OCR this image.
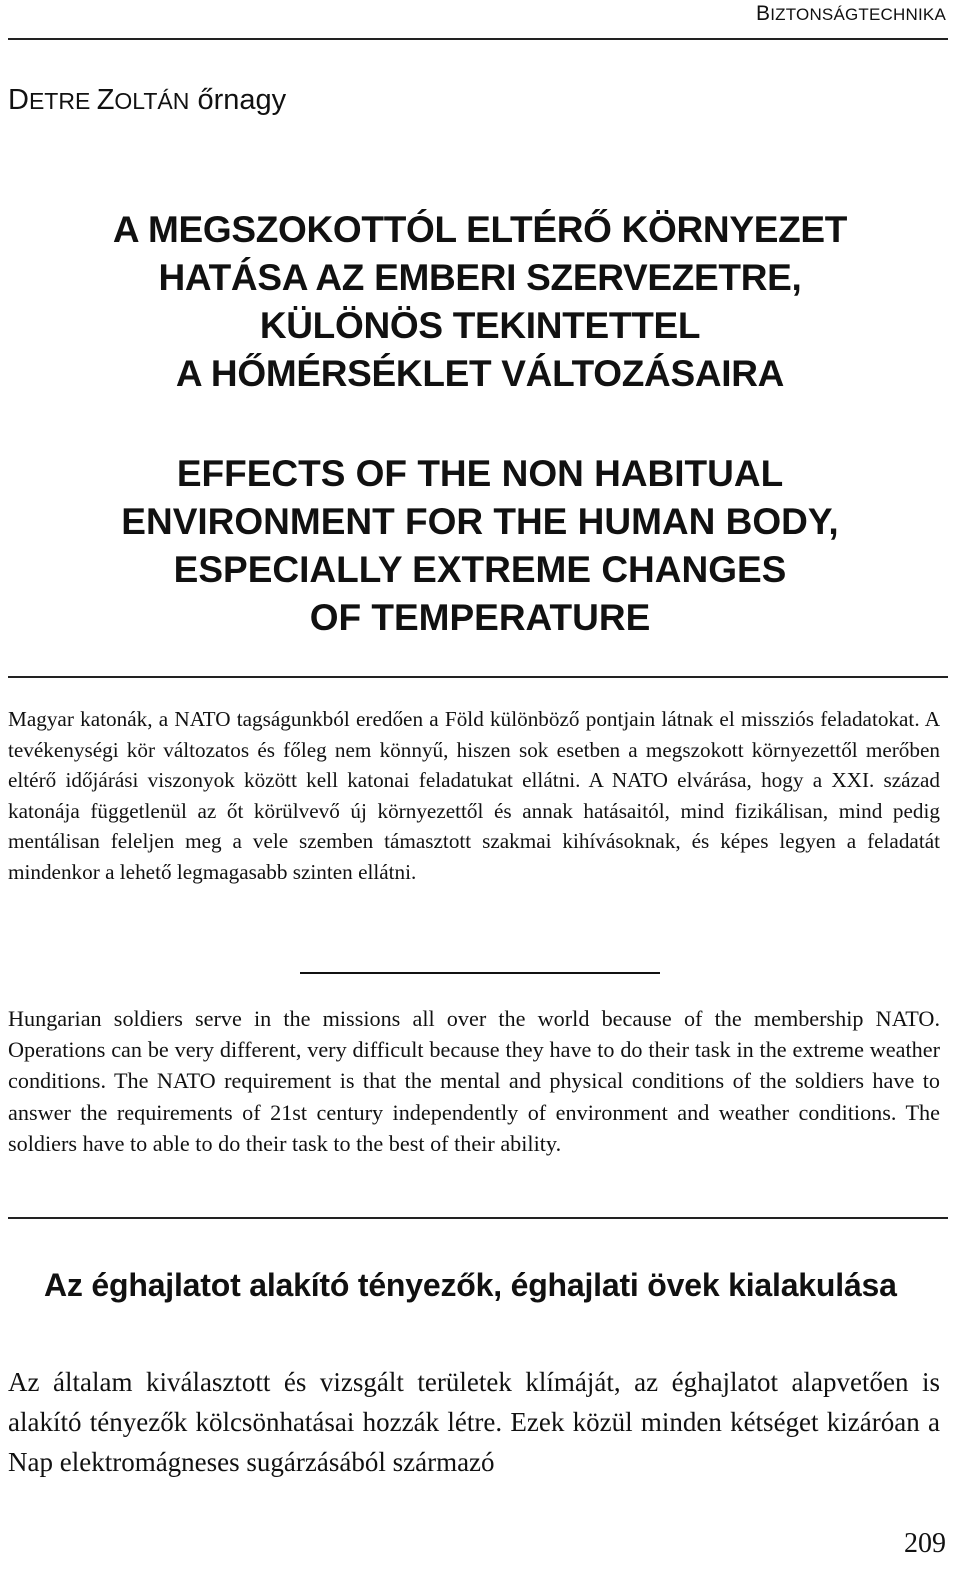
BIZTONSÁGTECHNIKA
DETRE ZOLTÁN őrnagy
A MEGSZOKOTTÓL ELTÉRŐ KÖRNYEZET
HATÁSA AZ EMBERI SZERVEZETRE,
KÜLÖNÖS TEKINTETTEL
A HŐMÉRSÉKLET VÁLTOZÁSAIRA
EFFECTS OF THE NON HABITUAL
ENVIRONMENT FOR THE HUMAN BODY,
ESPECIALLY EXTREME CHANGES
OF TEMPERATURE

Magyar katonák, a NATO tagságunkból eredően a Föld különböző pontjain látnak el missziós feladatokat. A tevékenységi kör változatos és főleg nem könnyű, hiszen sok esetben a megszokott környezettől merőben eltérő időjárási viszonyok között kell katonai feladatukat ellátni. A NATO elvárása, hogy a XXI. század katonája függetlenül az őt körülvevő új környezettől és annak hatásaitól, mind fizikálisan, mind pedig mentálisan feleljen meg a vele szemben támasztott szakmai kihívásoknak, és képes legyen a feladatát mindenkor a lehető legmagasabb szinten ellátni.

Hungarian soldiers serve in the missions all over the world because of the membership NATO. Operations can be very different, very difficult because they have to do their task in the extreme weather conditions. The NATO requirement is that the mental and physical conditions of the soldiers have to answer the requirements of 21st century independently of environment and weather conditions. The soldiers have to able to do their task to the best of their ability.

Az éghajlatot alakító tényezők, éghajlati övek kialakulása

Az általam kiválasztott és vizsgált területek klímáját, az éghajlatot alapvetően is alakító tényezők kölcsönhatásai hozzák létre. Ezek közül minden kétséget kizáróan a Nap elektromágneses sugárzásából származó

209
